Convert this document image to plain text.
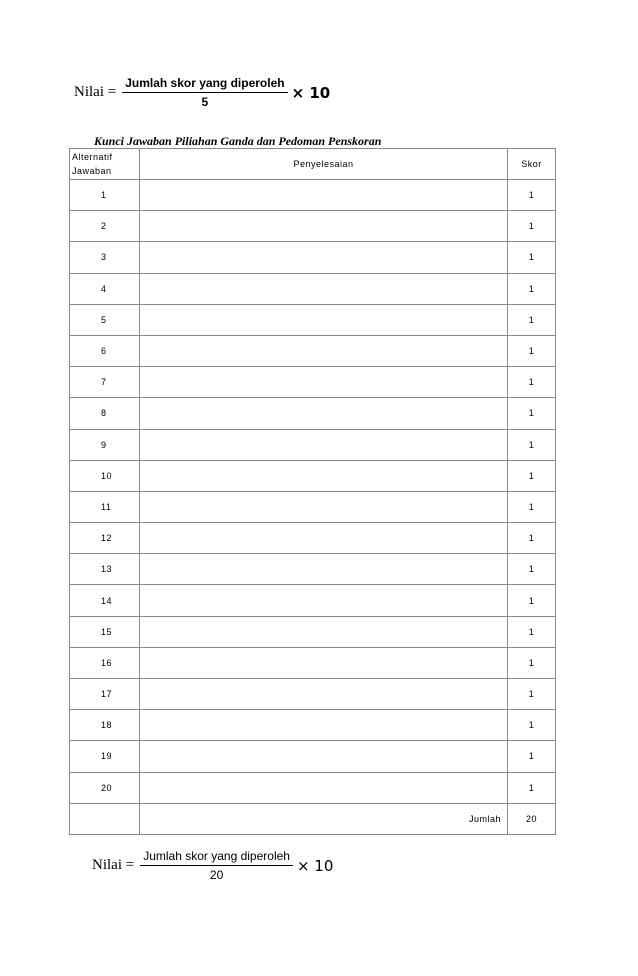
Nilai = $\frac{\text{Jumlah skor yang diperoleh}}{5} \times 10$
Kunci Jawaban Piliahan Ganda dan Pedoman Penskoran
Alternatif Jawaban	Penyelesaian	Skor
1		1
2		1
3		1
4		1
5		1
6		1
7		1
8		1
9		1
10		1
11		1
12		1
13		1
14		1
15		1
16		1
17		1
18		1
19		1
20		1
	Jumlah	20
Nilai = $\frac{\text{Jumlah skor yang diperoleh}}{20} \times 10$
